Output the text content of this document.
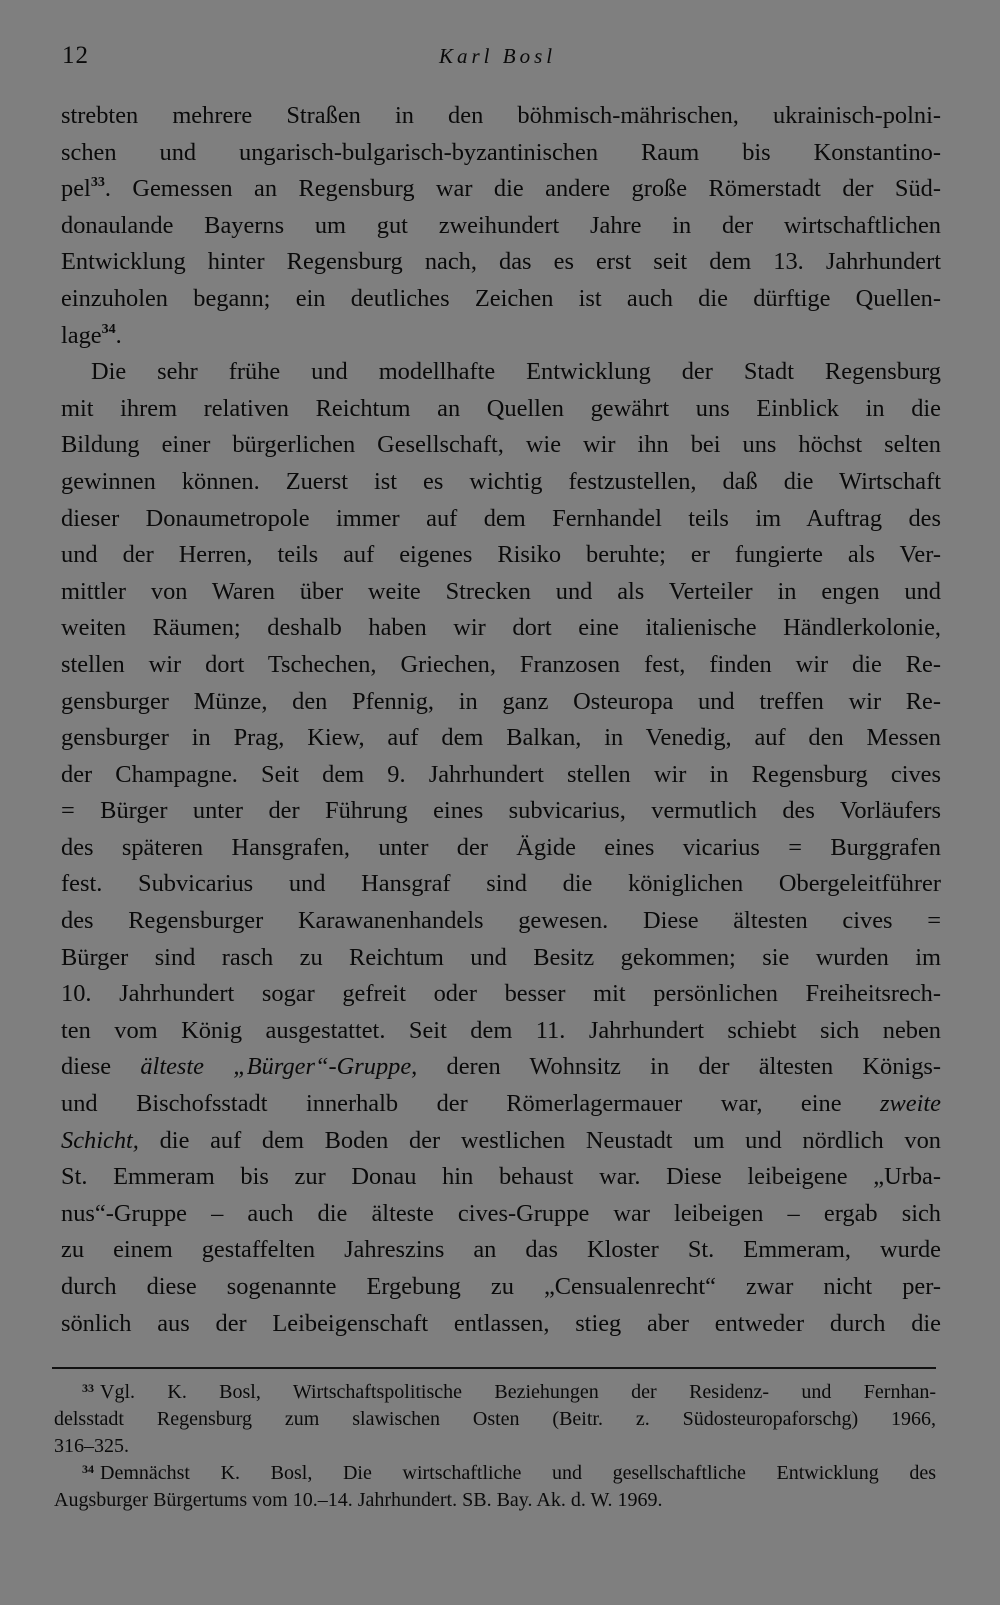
12	Karl Bosl
strebten mehrere Straßen in den böhmisch-mährischen, ukrainisch-polni-
schen und ungarisch-bulgarisch-byzantinischen Raum bis Konstantino-
pel$^{33}$. Gemessen an Regensburg war die andere große Römerstadt der Süd-
donaulande Bayerns um gut zweihundert Jahre in der wirtschaftlichen
Entwicklung hinter Regensburg nach, das es erst seit dem 13. Jahrhundert
einzuholen begann; ein deutliches Zeichen ist auch die dürftige Quellen-
lage$^{34}$.
Die sehr frühe und modellhafte Entwicklung der Stadt Regensburg
mit ihrem relativen Reichtum an Quellen gewährt uns Einblick in die
Bildung einer bürgerlichen Gesellschaft, wie wir ihn bei uns höchst selten
gewinnen können. Zuerst ist es wichtig festzustellen, daß die Wirtschaft
dieser Donaumetropole immer auf dem Fernhandel teils im Auftrag des
und der Herren, teils auf eigenes Risiko beruhte; er fungierte als Ver-
mittler von Waren über weite Strecken und als Verteiler in engen und
weiten Räumen; deshalb haben wir dort eine italienische Händlerkolonie,
stellen wir dort Tschechen, Griechen, Franzosen fest, finden wir die Re-
gensburger Münze, den Pfennig, in ganz Osteuropa und treffen wir Re-
gensburger in Prag, Kiew, auf dem Balkan, in Venedig, auf den Messen
der Champagne. Seit dem 9. Jahrhundert stellen wir in Regensburg cives
= Bürger unter der Führung eines subvicarius, vermutlich des Vorläufers
des späteren Hansgrafen, unter der Ägide eines vicarius = Burggrafen
fest. Subvicarius und Hansgraf sind die königlichen Obergeleitführer
des Regensburger Karawanenhandels gewesen. Diese ältesten cives =
Bürger sind rasch zu Reichtum und Besitz gekommen; sie wurden im
10. Jahrhundert sogar gefreit oder besser mit persönlichen Freiheitsrech-
ten vom König ausgestattet. Seit dem 11. Jahrhundert schiebt sich neben
diese älteste „Bürger“-Gruppe, deren Wohnsitz in der ältesten Königs-
und Bischofsstadt innerhalb der Römerlagermauer war, eine zweite
Schicht, die auf dem Boden der westlichen Neustadt um und nördlich von
St. Emmeram bis zur Donau hin behaust war. Diese leibeigene „Urba-
nus“-Gruppe – auch die älteste cives-Gruppe war leibeigen – ergab sich
zu einem gestaffelten Jahreszins an das Kloster St. Emmeram, wurde
durch diese sogenannte Ergebung zu „Censualenrecht“ zwar nicht per-
sönlich aus der Leibeigenschaft entlassen, stieg aber entweder durch die
$^{33}$ Vgl. K. Bosl, Wirtschaftspolitische Beziehungen der Residenz- und Fernhan-
delsstadt Regensburg zum slawischen Osten (Beitr. z. Südosteuropaforschg) 1966,
316–325.
$^{34}$ Demnächst K. Bosl, Die wirtschaftliche und gesellschaftliche Entwicklung des
Augsburger Bürgertums vom 10.–14. Jahrhundert. SB. Bay. Ak. d. W. 1969.
